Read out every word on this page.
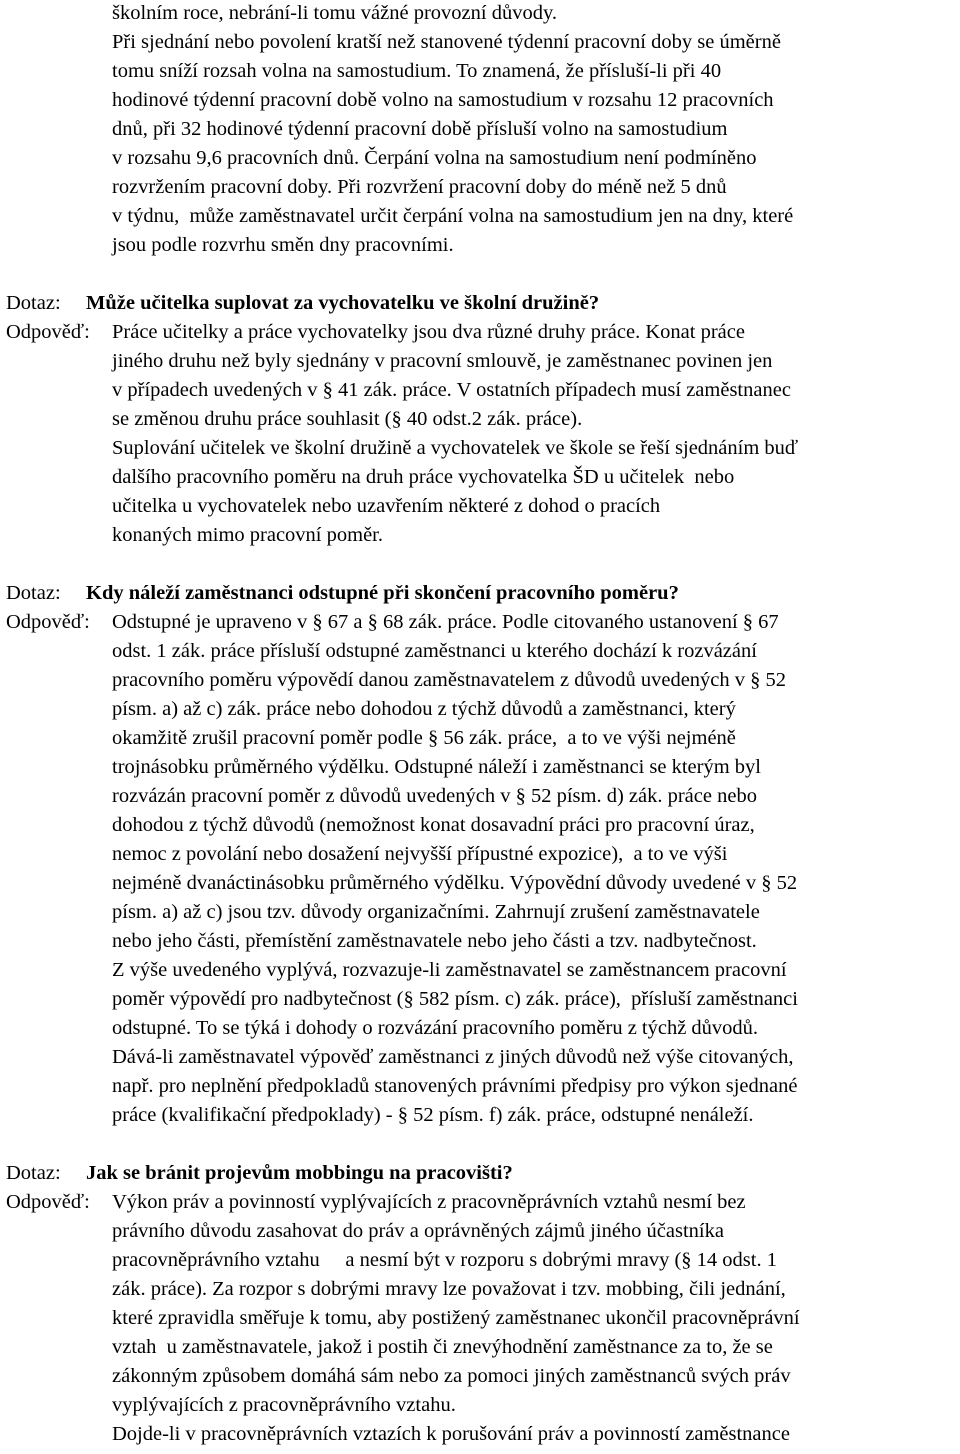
školním roce, nebrání-li tomu vážné provozní důvody.
Při sjednání nebo povolení kratší než stanovené týdenní pracovní doby se úměrně
tomu sníží rozsah volna na samostudium. To znamená, že přísluší-li při 40
hodinové týdenní pracovní době volno na samostudium v rozsahu 12 pracovních
dnů, při 32 hodinové týdenní pracovní době přísluší volno na samostudium
v rozsahu 9,6 pracovních dnů. Čerpání volna na samostudium není podmíněno
rozvržením pracovní doby. Při rozvržení pracovní doby do méně než 5 dnů
v týdnu,  může zaměstnavatel určit čerpání volna na samostudium jen na dny, které
jsou podle rozvrhu směn dny pracovními.
Dotaz: Může učitelka suplovat za vychovatelku ve školní družině?
Odpověď: Práce učitelky a práce vychovatelky jsou dva různé druhy práce. Konat práce
jiného druhu než byly sjednány v pracovní smlouvě, je zaměstnanec povinen jen
v případech uvedených v § 41 zák. práce. V ostatních případech musí zaměstnanec
se změnou druhu práce souhlasit (§ 40 odst.2 zák. práce).
Suplování učitelek ve školní družině a vychovatelek ve škole se řeší sjednáním buď
dalšího pracovního poměru na druh práce vychovatelka ŠD u učitelek  nebo
učitelka u vychovatelek nebo uzavřením některé z dohod o pracích
konaných mimo pracovní poměr.
Dotaz: Kdy náleží zaměstnanci odstupné při skončení pracovního poměru?
Odpověď: Odstupné je upraveno v § 67 a § 68 zák. práce. Podle citovaného ustanovení § 67
odst. 1 zák. práce přísluší odstupné zaměstnanci u kterého dochází k rozvázání
pracovního poměru výpovědí danou zaměstnavatelem z důvodů uvedených v § 52
písm. a) až c) zák. práce nebo dohodou z týchž důvodů a zaměstnanci, který
okamžitě zrušil pracovní poměr podle § 56 zák. práce,  a to ve výši nejméně
trojnásobku průměrného výdělku. Odstupné náleží i zaměstnanci se kterým byl
rozvázán pracovní poměr z důvodů uvedených v § 52 písm. d) zák. práce nebo
dohodou z týchž důvodů (nemožnost konat dosavadní práci pro pracovní úraz,
nemoc z povolání nebo dosažení nejvyšší přípustné expozice),  a to ve výši
nejméně dvanáctinásobku průměrného výdělku. Výpovědní důvody uvedené v § 52
písm. a) až c) jsou tzv. důvody organizačními. Zahrnují zrušení zaměstnavatele
nebo jeho části, přemístění zaměstnavatele nebo jeho části a tzv. nadbytečnost.
Z výše uvedeného vyplývá, rozvazuje-li zaměstnavatel se zaměstnancem pracovní
poměr výpovědí pro nadbytečnost (§ 582 písm. c) zák. práce),  přísluší zaměstnanci
odstupné. To se týká i dohody o rozvázání pracovního poměru z týchž důvodů.
Dává-li zaměstnavatel výpověď zaměstnanci z jiných důvodů než výše citovaných,
např. pro neplnění předpokladů stanovených právními předpisy pro výkon sjednané
práce (kvalifikační předpoklady) - § 52 písm. f) zák. práce, odstupné nenáleží.
Dotaz: Jak se bránit projevům mobbingu na pracovišti?
Odpověď: Výkon práv a povinností vyplývajících z pracovněprávních vztahů nesmí bez
právního důvodu zasahovat do práv a oprávněných zájmů jiného účastníka
pracovněprávního vztahu     a nesmí být v rozporu s dobrými mravy (§ 14 odst. 1
zák. práce). Za rozpor s dobrými mravy lze považovat i tzv. mobbing, čili jednání,
které zpravidla směřuje k tomu, aby postižený zaměstnanec ukončil pracovněprávní
vztah  u zaměstnavatele, jakož i postih či znevýhodnění zaměstnance za to, že se
zákonným způsobem domáhá sám nebo za pomoci jiných zaměstnanců svých práv
vyplývajících z pracovněprávního vztahu.
Dojde-li v pracovněprávních vztazích k porušování práv a povinností zaměstnance
